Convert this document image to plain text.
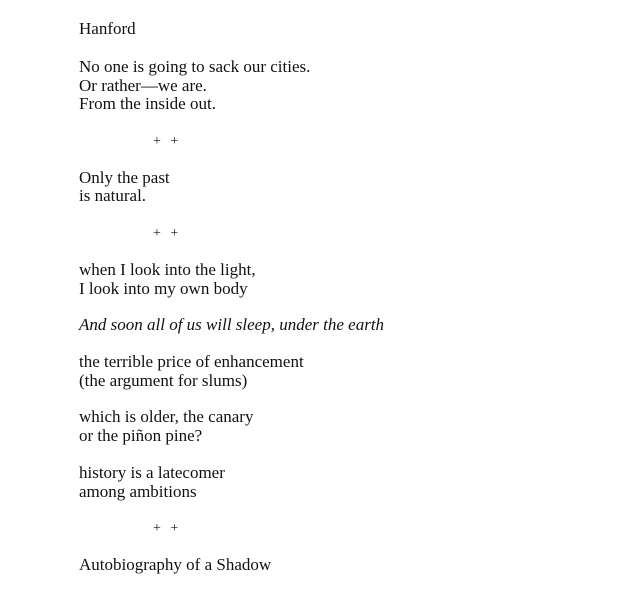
Hanford
No one is going to sack our cities.
Or rather—we are.
From the inside out.
+ +
Only the past
is natural.
+ +
when I look into the light,
I look into my own body
And soon all of us will sleep, under the earth
the terrible price of enhancement
(the argument for slums)
which is older, the canary
or the piñon pine?
history is a latecomer
among ambitions
+ +
Autobiography of a Shadow
